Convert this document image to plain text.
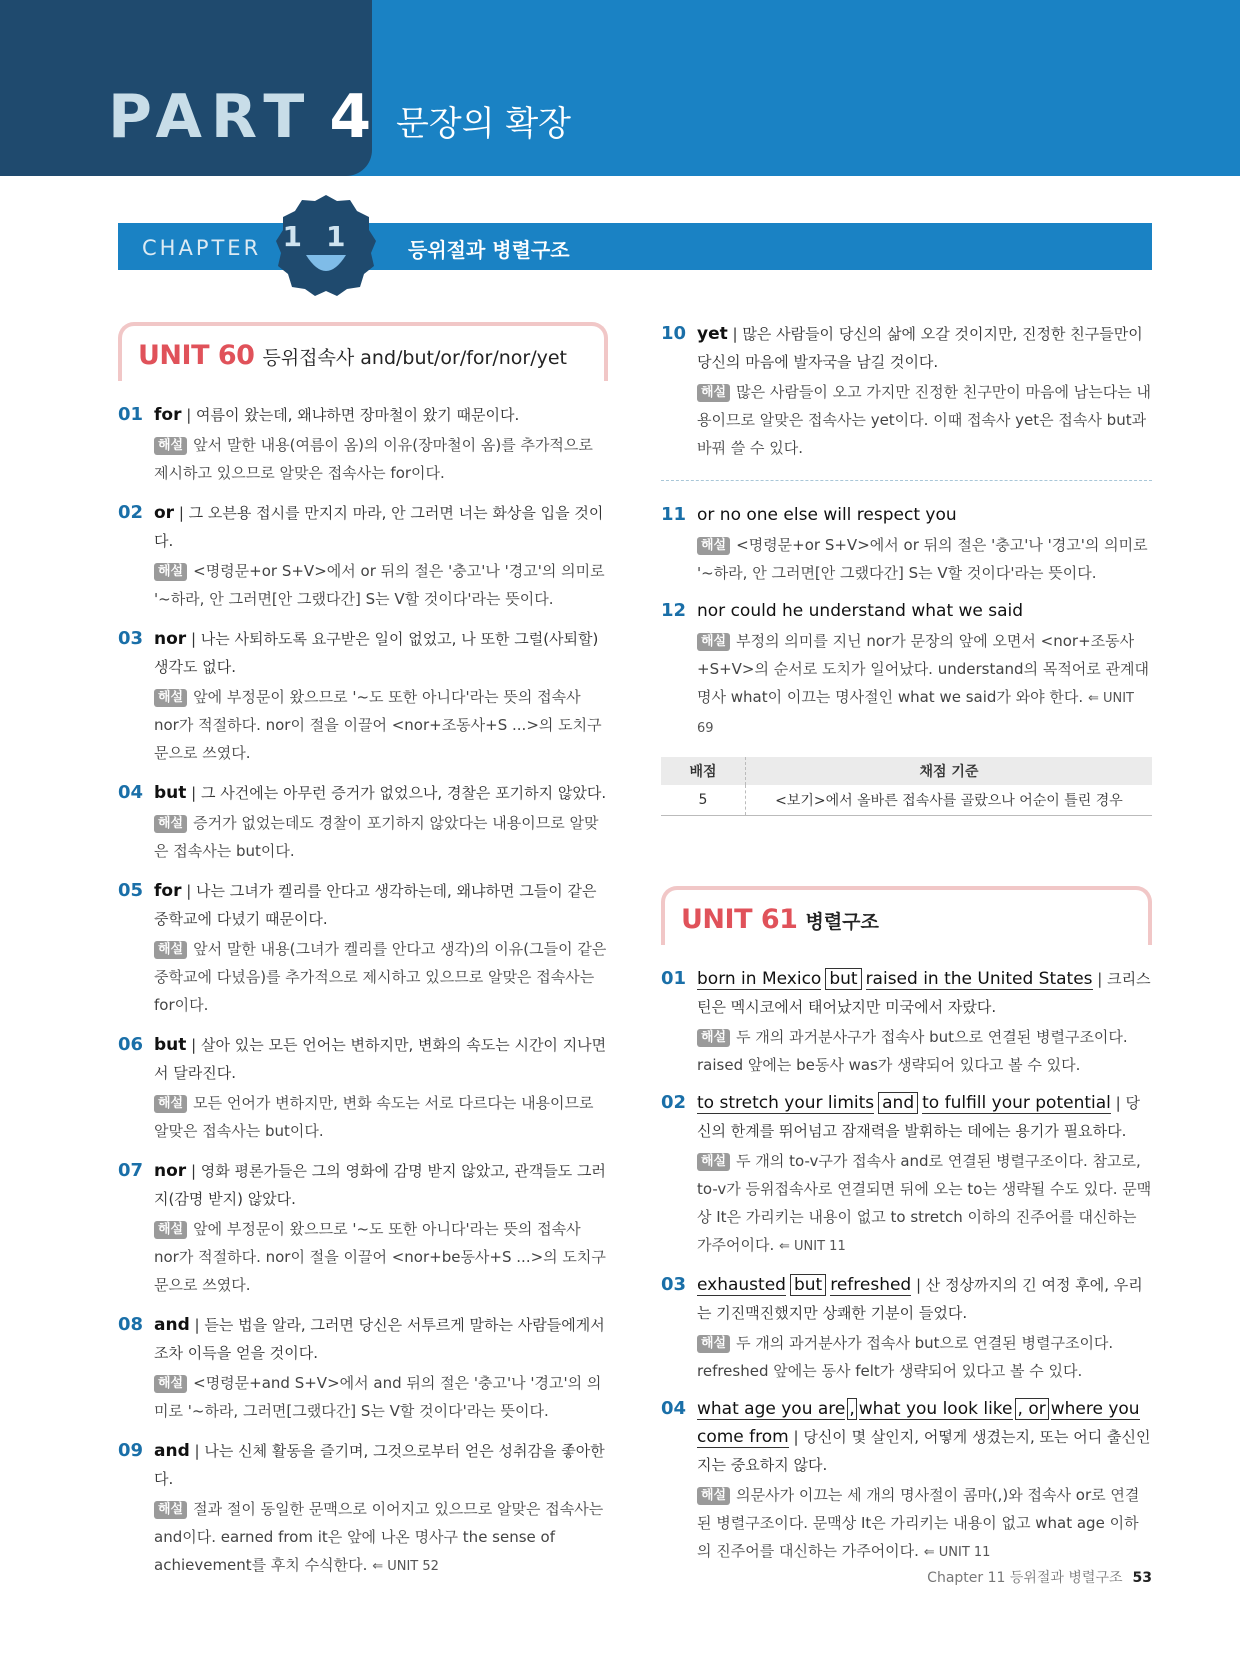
PART 4 문장의 확장
CHAPTER 11 등위절과 병렬구조
UNIT 60 등위접속사 and/but/or/for/nor/yet
01 for | 여름이 왔는데, 왜냐하면 장마철이 왔기 때문이다.
해설 앞서 말한 내용(여름이 옴)의 이유(장마철이 옴)를 추가적으로 제시하고 있으므로 알맞은 접속사는 for이다.
02 or | 그 오븐용 접시를 만지지 마라, 안 그러면 너는 화상을 입을 것이다.
해설 <명령문+or S+V>에서 or 뒤의 절은 '충고'나 '경고'의 의미로 '~하라, 안 그러면[안 그랬다간] S는 V할 것이다'라는 뜻이다.
03 nor | 나는 사퇴하도록 요구받은 일이 없었고, 나 또한 그럴(사퇴할) 생각도 없다.
해설 앞에 부정문이 왔으므로 '~도 또한 아니다'라는 뜻의 접속사 nor가 적절하다. nor이 절을 이끌어 <nor+조동사+S ...>의 도치구문으로 쓰였다.
04 but | 그 사건에는 아무런 증거가 없었으나, 경찰은 포기하지 않았다.
해설 증거가 없었는데도 경찰이 포기하지 않았다는 내용이므로 알맞은 접속사는 but이다.
05 for | 나는 그녀가 켈리를 안다고 생각하는데, 왜냐하면 그들이 같은 중학교에 다녔기 때문이다.
해설 앞서 말한 내용(그녀가 켈리를 안다고 생각)의 이유(그들이 같은 중학교에 다녔음)를 추가적으로 제시하고 있으므로 알맞은 접속사는 for이다.
06 but | 살아 있는 모든 언어는 변하지만, 변화의 속도는 시간이 지나면서 달라진다.
해설 모든 언어가 변하지만, 변화 속도는 서로 다르다는 내용이므로 알맞은 접속사는 but이다.
07 nor | 영화 평론가들은 그의 영화에 감명 받지 않았고, 관객들도 그러지(감명 받지) 않았다.
해설 앞에 부정문이 왔으므로 '~도 또한 아니다'라는 뜻의 접속사 nor가 적절하다. nor이 절을 이끌어 <nor+be동사+S ...>의 도치구문으로 쓰였다.
08 and | 듣는 법을 알라, 그러면 당신은 서투르게 말하는 사람들에게서조차 이득을 얻을 것이다.
해설 <명령문+and S+V>에서 and 뒤의 절은 '충고'나 '경고'의 의미로 '~하라, 그러면[그랬다간] S는 V할 것이다'라는 뜻이다.
09 and | 나는 신체 활동을 즐기며, 그것으로부터 얻은 성취감을 좋아한다.
해설 절과 절이 동일한 문맥으로 이어지고 있으므로 알맞은 접속사는 and이다. earned from it은 앞에 나온 명사구 the sense of achievement를 후치 수식한다. ⇐ UNIT 52
10 yet | 많은 사람들이 당신의 삶에 오갈 것이지만, 진정한 친구들만이 당신의 마음에 발자국을 남길 것이다.
해설 많은 사람들이 오고 가지만 진정한 친구만이 마음에 남는다는 내용이므로 알맞은 접속사는 yet이다. 이때 접속사 yet은 접속사 but과 바꿔 쓸 수 있다.
11 or no one else will respect you
해설 <명령문+or S+V>에서 or 뒤의 절은 '충고'나 '경고'의 의미로 '~하라, 안 그러면[안 그랬다간] S는 V할 것이다'라는 뜻이다.
12 nor could he understand what we said
해설 부정의 의미를 지닌 nor가 문장의 앞에 오면서 <nor+조동사+S+V>의 순서로 도치가 일어났다. understand의 목적어로 관계대명사 what이 이끄는 명사절인 what we said가 와야 한다. ⇐ UNIT 69
배점	채점 기준
5	<보기>에서 올바른 접속사를 골랐으나 어순이 틀린 경우
UNIT 61 병렬구조
01 born in Mexico but raised in the United States | 크리스틴은 멕시코에서 태어났지만 미국에서 자랐다.
해설 두 개의 과거분사구가 접속사 but으로 연결된 병렬구조이다. raised 앞에는 be동사 was가 생략되어 있다고 볼 수 있다.
02 to stretch your limits and to fulfill your potential | 당신의 한계를 뛰어넘고 잠재력을 발휘하는 데에는 용기가 필요하다.
해설 두 개의 to-v구가 접속사 and로 연결된 병렬구조이다. 참고로, to-v가 등위접속사로 연결되면 뒤에 오는 to는 생략될 수도 있다. 문맥상 It은 가리키는 내용이 없고 to stretch 이하의 진주어를 대신하는 가주어이다. ⇐ UNIT 11
03 exhausted but refreshed | 산 정상까지의 긴 여정 후에, 우리는 기진맥진했지만 상쾌한 기분이 들었다.
해설 두 개의 과거분사가 접속사 but으로 연결된 병렬구조이다. refreshed 앞에는 동사 felt가 생략되어 있다고 볼 수 있다.
04 what age you are , what you look like , or where you come from | 당신이 몇 살인지, 어떻게 생겼는지, 또는 어디 출신인지는 중요하지 않다.
해설 의문사가 이끄는 세 개의 명사절이 콤마(,)와 접속사 or로 연결된 병렬구조이다. 문맥상 It은 가리키는 내용이 없고 what age 이하의 진주어를 대신하는 가주어이다. ⇐ UNIT 11
Chapter 11 등위절과 병렬구조 53
